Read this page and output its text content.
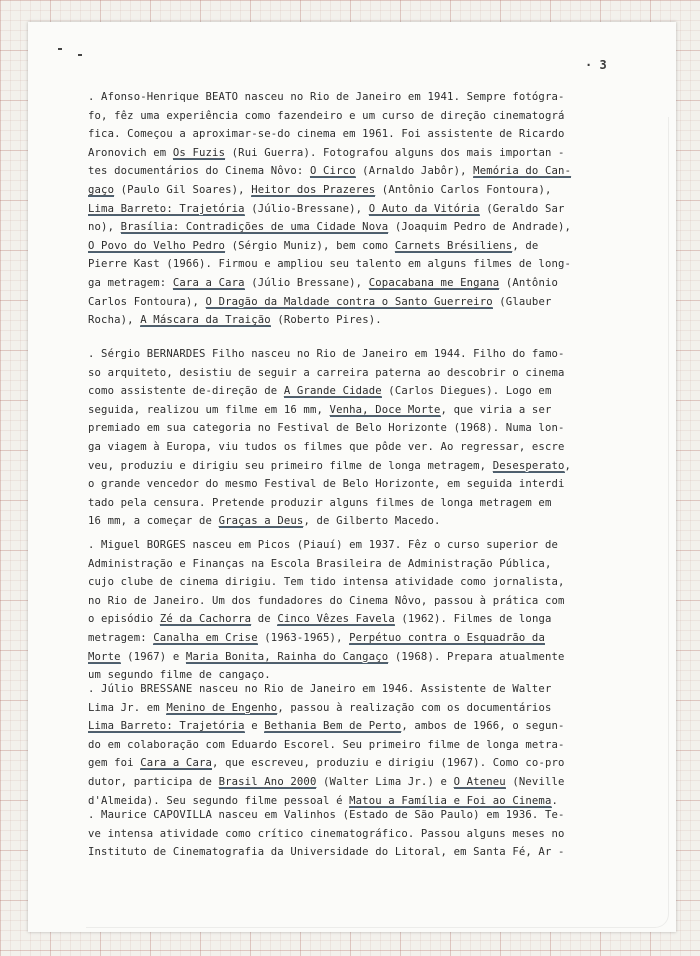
· 3
. Afonso-Henrique BEATO nasceu no Rio de Janeiro em 1941. Sempre fotógra-
fo, fêz uma experiência como fazendeiro e um curso de direção cinematográ
fica. Começou a aproximar-se-do cinema em 1961. Foi assistente de Ricardo
Aronovich em Os Fuzis (Rui Guerra). Fotografou alguns dos mais importan -
tes documentários do Cinema Nôvo: O Circo (Arnaldo Jabôr), Memória do Can-
gaço (Paulo Gil Soares), Heitor dos Prazeres (Antônio Carlos Fontoura),
Lima Barreto: Trajetória (Júlio-Bressane), O Auto da Vitória (Geraldo Sar
no), Brasília: Contradições de uma Cidade Nova (Joaquim Pedro de Andrade),
O Povo do Velho Pedro (Sérgio Muniz), bem como Carnets Brésiliens, de
Pierre Kast (1966). Firmou e ampliou seu talento em alguns filmes de long-
ga metragem: Cara a Cara (Júlio Bressane), Copacabana me Engana (Antônio
Carlos Fontoura), O Dragão da Maldade contra o Santo Guerreiro (Glauber
Rocha), A Máscara da Traição (Roberto Pires).
. Sérgio BERNARDES Filho nasceu no Rio de Janeiro em 1944. Filho do famo-
so arquiteto, desistiu de seguir a carreira paterna ao descobrir o cinema
como assistente de-direção de A Grande Cidade (Carlos Diegues). Logo em
seguida, realizou um filme em 16 mm, Venha, Doce Morte, que viria a ser
premiado em sua categoria no Festival de Belo Horizonte (1968). Numa lon-
ga viagem à Europa, viu tudos os filmes que pôde ver. Ao regressar, escre
veu, produziu e dirigiu seu primeiro filme de longa metragem, Desesperato,
o grande vencedor do mesmo Festival de Belo Horizonte, em seguida interdi
tado pela censura. Pretende produzir alguns filmes de longa metragem em
16 mm, a começar de Graças a Deus, de Gilberto Macedo.
. Miguel BORGES nasceu em Picos (Piauí) em 1937. Fêz o curso superior de
Administração e Finanças na Escola Brasileira de Administração Pública,
cujo clube de cinema dirigiu. Tem tido intensa atividade como jornalista,
no Rio de Janeiro. Um dos fundadores do Cinema Nôvo, passou à prática com
o episódio Zé da Cachorra de Cinco Vêzes Favela (1962). Filmes de longa
metragem: Canalha em Crise (1963-1965), Perpétuo contra o Esquadrão da
Morte (1967) e Maria Bonita, Rainha do Cangaço (1968). Prepara atualmente
um segundo filme de cangaço.
. Júlio BRESSANE nasceu no Rio de Janeiro em 1946. Assistente de Walter
Lima Jr. em Menino de Engenho, passou à realização com os documentários
Lima Barreto: Trajetória e Bethania Bem de Perto, ambos de 1966, o segun-
do em colaboração com Eduardo Escorel. Seu primeiro filme de longa metra-
gem foi Cara a Cara, que escreveu, produziu e dirigiu (1967). Como co-pro
dutor, participa de Brasil Ano 2000 (Walter Lima Jr.) e O Ateneu (Neville
d'Almeida). Seu segundo filme pessoal é Matou a Família e Foi ao Cinema.
. Maurice CAPOVILLA nasceu em Valinhos (Estado de São Paulo) em 1936. Te-
ve intensa atividade como crítico cinematográfico. Passou alguns meses no
Instituto de Cinematografia da Universidade do Litoral, em Santa Fé, Ar -
